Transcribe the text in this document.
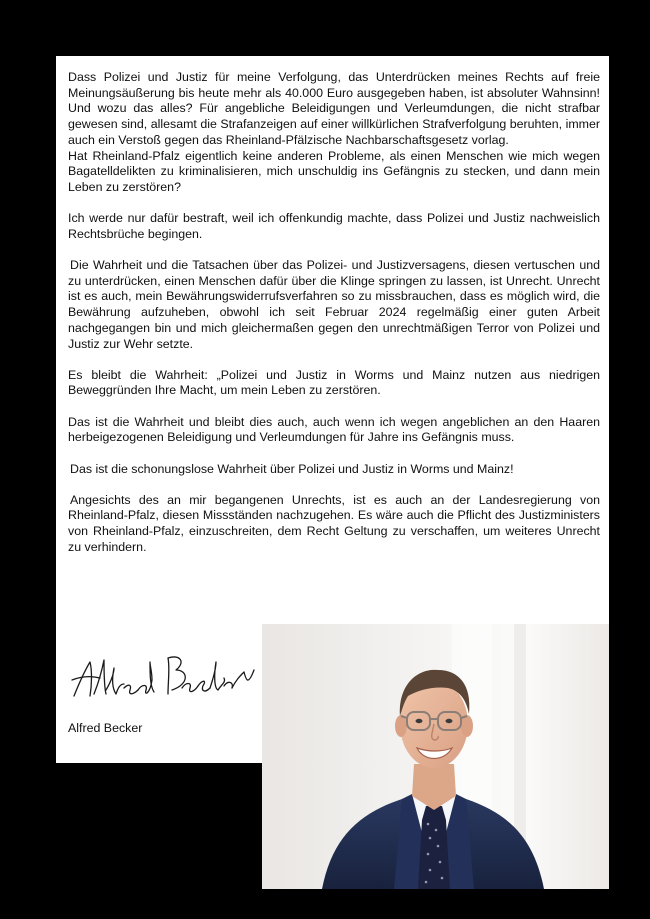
Dass Polizei und Justiz für meine Verfolgung, das Unterdrücken meines Rechts auf freie Meinungsäußerung bis heute mehr als 40.000 Euro ausgegeben haben, ist absoluter Wahnsinn! Und wozu das alles? Für angebliche Beleidigungen und Verleumdungen, die nicht strafbar gewesen sind, allesamt die Strafanzeigen auf einer willkürlichen Strafverfolgung beruhten, immer auch ein Verstoß gegen das Rheinland-Pfälzische Nachbarschaftsgesetz vorlag.

Hat Rheinland-Pfalz eigentlich keine anderen Probleme, als einen Menschen wie mich wegen Bagatelldelikten zu kriminalisieren, mich unschuldig ins Gefängnis zu stecken, und dann mein Leben zu zerstören?

Ich werde nur dafür bestraft, weil ich offenkundig machte, dass Polizei und Justiz nachweislich Rechtsbrüche begingen.

Die Wahrheit und die Tatsachen über das Polizei- und Justizversagens, diesen vertuschen und zu unterdrücken, einen Menschen dafür über die Klinge springen zu lassen, ist Unrecht. Unrecht ist es auch, mein Bewährungswiderrufsverfahren so zu missbrauchen, dass es möglich wird, die Bewährung aufzuheben, obwohl ich seit Februar 2024 regelmäßig einer guten Arbeit nachgegangen bin und mich gleichermaßen gegen den unrechtmäßigen Terror von Polizei und Justiz zur Wehr setzte.

Es bleibt die Wahrheit: „Polizei und Justiz in Worms und Mainz nutzen aus niedrigen Beweggründen Ihre Macht, um mein Leben zu zerstören.

Das ist die Wahrheit und bleibt dies auch, auch wenn ich wegen angeblichen an den Haaren herbeigezogenen Beleidigung und Verleumdungen für Jahre ins Gefängnis muss.

Das ist die schonungslose Wahrheit über Polizei und Justiz in Worms und Mainz!

Angesichts des an mir begangenen Unrechts, ist es auch an der Landesregierung von Rheinland-Pfalz, diesen Missständen nachzugehen. Es wäre auch die Pflicht des Justizministers von Rheinland-Pfalz, einzuschreiten, dem Recht Geltung zu verschaffen, um weiteres Unrecht zu verhindern.

Alfred Becker
